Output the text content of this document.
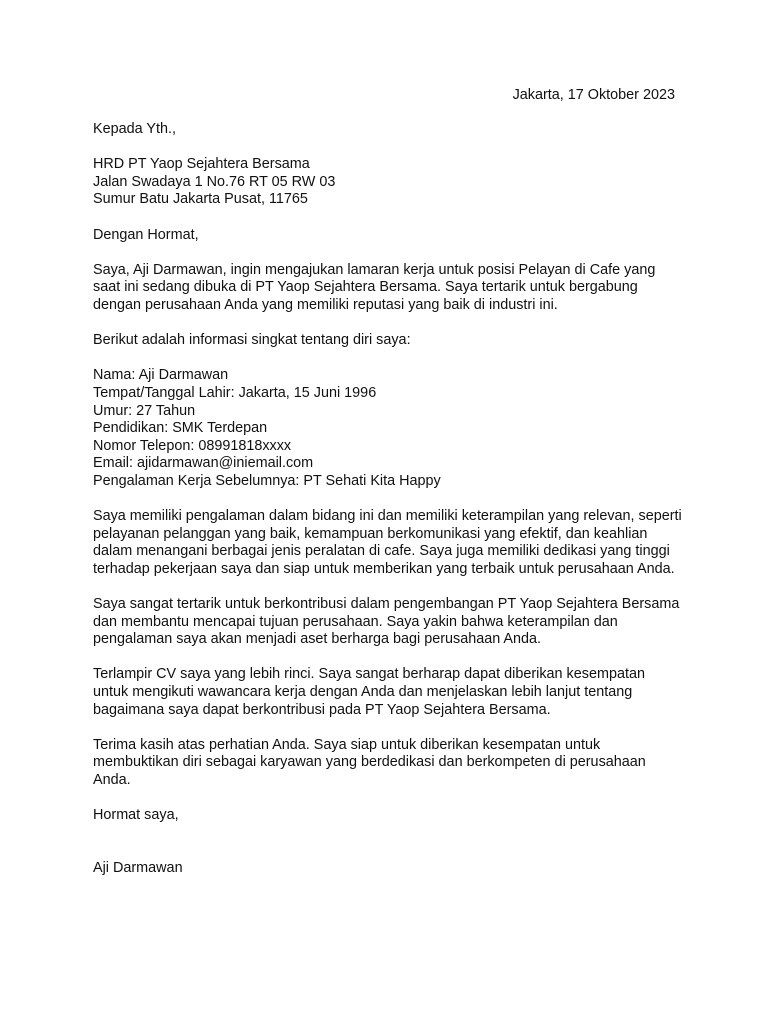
Jakarta, 17 Oktober 2023
Kepada Yth.,
HRD PT Yaop Sejahtera Bersama
Jalan Swadaya 1 No.76 RT 05 RW 03
Sumur Batu Jakarta Pusat, 11765
Dengan Hormat,
Saya, Aji Darmawan, ingin mengajukan lamaran kerja untuk posisi Pelayan di Cafe yang
saat ini sedang dibuka di PT Yaop Sejahtera Bersama. Saya tertarik untuk bergabung
dengan perusahaan Anda yang memiliki reputasi yang baik di industri ini.
Berikut adalah informasi singkat tentang diri saya:
Nama: Aji Darmawan
Tempat/Tanggal Lahir: Jakarta, 15 Juni 1996
Umur: 27 Tahun
Pendidikan: SMK Terdepan
Nomor Telepon: 08991818xxxx
Email: ajidarmawan@iniemail.com
Pengalaman Kerja Sebelumnya: PT Sehati Kita Happy
Saya memiliki pengalaman dalam bidang ini dan memiliki keterampilan yang relevan, seperti
pelayanan pelanggan yang baik, kemampuan berkomunikasi yang efektif, dan keahlian
dalam menangani berbagai jenis peralatan di cafe. Saya juga memiliki dedikasi yang tinggi
terhadap pekerjaan saya dan siap untuk memberikan yang terbaik untuk perusahaan Anda.
Saya sangat tertarik untuk berkontribusi dalam pengembangan PT Yaop Sejahtera Bersama
dan membantu mencapai tujuan perusahaan. Saya yakin bahwa keterampilan dan
pengalaman saya akan menjadi aset berharga bagi perusahaan Anda.
Terlampir CV saya yang lebih rinci. Saya sangat berharap dapat diberikan kesempatan
untuk mengikuti wawancara kerja dengan Anda dan menjelaskan lebih lanjut tentang
bagaimana saya dapat berkontribusi pada PT Yaop Sejahtera Bersama.
Terima kasih atas perhatian Anda. Saya siap untuk diberikan kesempatan untuk
membuktikan diri sebagai karyawan yang berdedikasi dan berkompeten di perusahaan
Anda.
Hormat saya,
Aji Darmawan
